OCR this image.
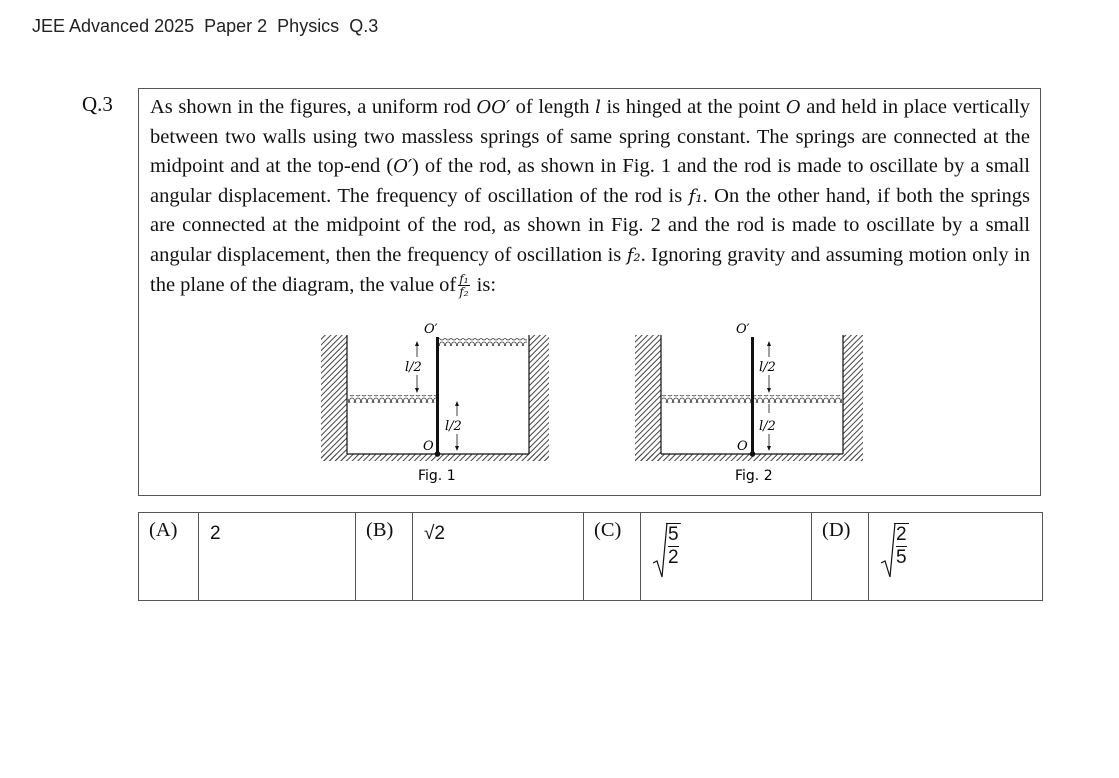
JEE Advanced 2025  Paper 2  Physics  Q.3
Q.3 As shown in the figures, a uniform rod OO′ of length l is hinged at the point O and held in place vertically between two walls using two massless springs of same spring constant. The springs are connected at the midpoint and at the top-end (O′) of the rod, as shown in Fig. 1 and the rod is made to oscillate by a small angular displacement. The frequency of oscillation of the rod is f₁. On the other hand, if both the springs are connected at the midpoint of the rod, as shown in Fig. 2 and the rod is made to oscillate by a small angular displacement, then the frequency of oscillation is f₂. Ignoring gravity and assuming motion only in the plane of the diagram, the value of $\frac{\text{f₁}}{\text{f₂}}$ is:
l/2
l/2
O′
O
Fig. 1
l/2
l/2
O′
O
Fig. 2
(A)	2	(B)	√2	(C)	$\frac{5}{2}$	(D)	$\frac{2}{5}$
